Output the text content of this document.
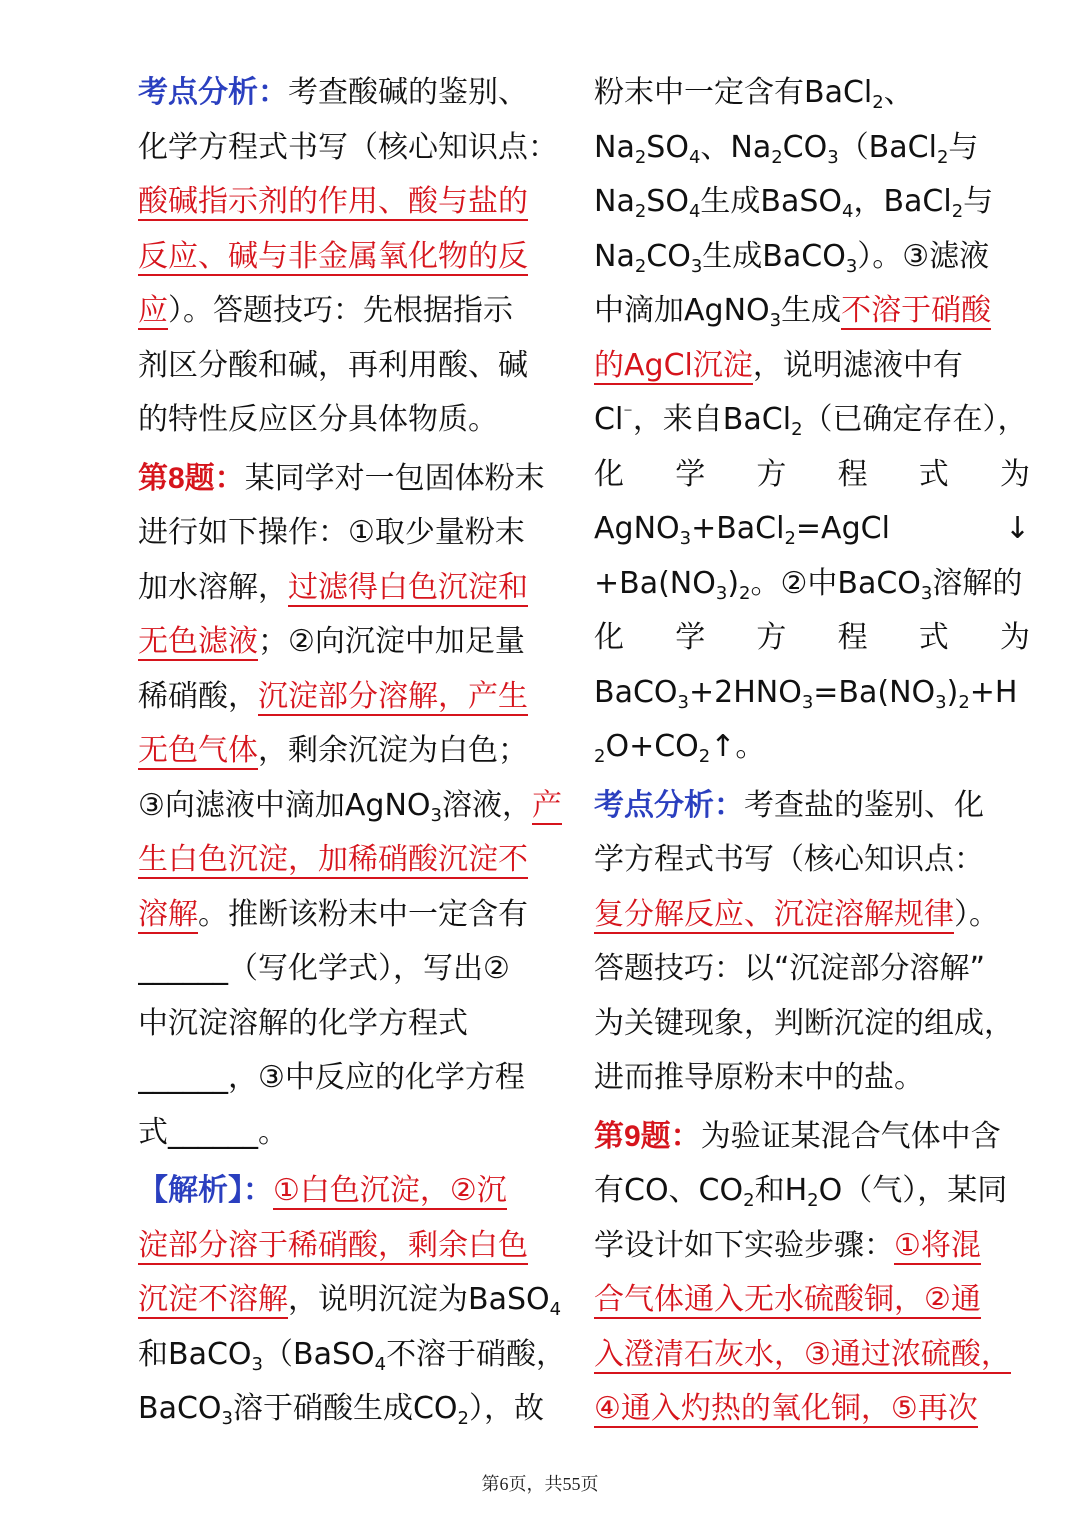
考点分析：考查酸碱的鉴别、
化学方程式书写（核心知识点：
酸碱指示剂的作用、酸与盐的
反应、碱与非金属氧化物的反
应）。答题技巧：先根据指示
剂区分酸和碱，再利用酸、碱
的特性反应区分具体物质。
第8题：某同学对一包固体粉末
进行如下操作：①取少量粉末
加水溶解，过滤得白色沉淀和
无色滤液；②向沉淀中加足量
稀硝酸，沉淀部分溶解，产生
无色气体，剩余沉淀为白色；
③向滤液中滴加AgNO$_3$溶液，产
生白色沉淀，加稀硝酸沉淀不
溶解。推断该粉末中一定含有
______（写化学式），写出②
中沉淀溶解的化学方程式
______，③中反应的化学方程
式______。
【解析】：①白色沉淀，②沉
淀部分溶于稀硝酸，剩余白色
沉淀不溶解，说明沉淀为BaSO$_4$
和BaCO$_3$（BaSO$_4$不溶于硝酸，
BaCO$_3$溶于硝酸生成$CO_2$），故
粉末中一定含有BaCl$_2$、
$Na_2SO_4$、$Na_2CO_3(BaCl_2$与
$Na_2SO_4$生成BaSO$_4$，BaCl$_2$与
$Na_2CO_3$生成BaCO$_3$）。③滤液
中滴加AgNO$_3$生成不溶于硝酸
的AgCl沉淀，说明滤液中有
Cl⁻，来自BaCl$_2$（已确定存在），
化学方程式为
AgNO$_3$+BaCl$_2$=AgCl	↓
$+Ba(NO_3)_2$。②中BaCO$_3$溶解的
化学方程式为
$BaCO_3+2HNO_3=Ba(NO_3)_2+H$
$_2O+CO_2↑$。
考点分析：考查盐的鉴别、化
学方程式书写（核心知识点：
复分解反应、沉淀溶解规律）。
答题技巧：以“沉淀部分溶解”
为关键现象，判断沉淀的组成，
进而推导原粉末中的盐。
第9题：为验证某混合气体中含
有CO、$CO_2$和$H_2O$（气），某同
学设计如下实验步骤：①将混
合气体通入无水硫酸铜，②通
入澄清石灰水，③通过浓硫酸，
④通入灼热的氧化铜，⑤再次
第6页，共55页
